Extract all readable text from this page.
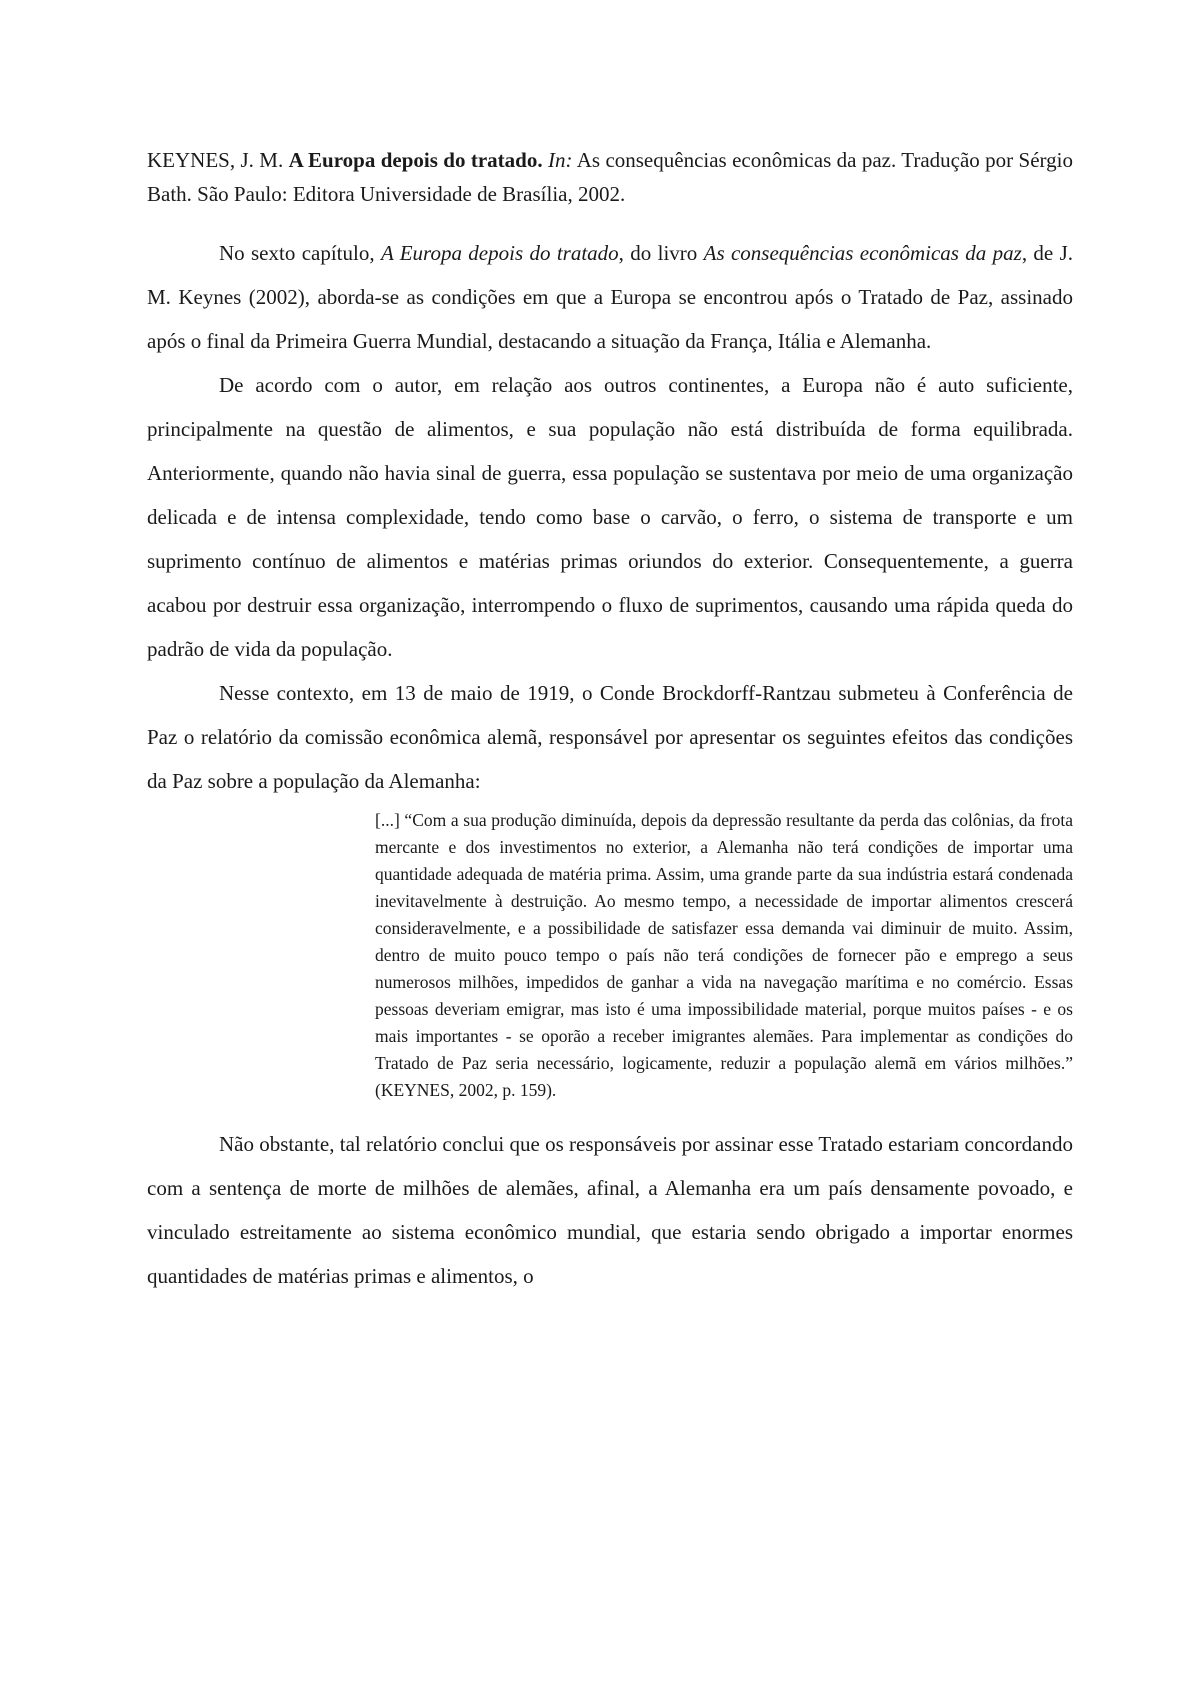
KEYNES, J. M. A Europa depois do tratado. In: As consequências econômicas da paz. Tradução por Sérgio Bath. São Paulo: Editora Universidade de Brasília, 2002.

No sexto capítulo, A Europa depois do tratado, do livro As consequências econômicas da paz, de J. M. Keynes (2002), aborda-se as condições em que a Europa se encontrou após o Tratado de Paz, assinado após o final da Primeira Guerra Mundial, destacando a situação da França, Itália e Alemanha.

De acordo com o autor, em relação aos outros continentes, a Europa não é auto suficiente, principalmente na questão de alimentos, e sua população não está distribuída de forma equilibrada. Anteriormente, quando não havia sinal de guerra, essa população se sustentava por meio de uma organização delicada e de intensa complexidade, tendo como base o carvão, o ferro, o sistema de transporte e um suprimento contínuo de alimentos e matérias primas oriundos do exterior. Consequentemente, a guerra acabou por destruir essa organização, interrompendo o fluxo de suprimentos, causando uma rápida queda do padrão de vida da população.

Nesse contexto, em 13 de maio de 1919, o Conde Brockdorff-Rantzau submeteu à Conferência de Paz o relatório da comissão econômica alemã, responsável por apresentar os seguintes efeitos das condições da Paz sobre a população da Alemanha:

[...] “Com a sua produção diminuída, depois da depressão resultante da perda das colônias, da frota mercante e dos investimentos no exterior, a Alemanha não terá condições de importar uma quantidade adequada de matéria prima. Assim, uma grande parte da sua indústria estará condenada inevitavelmente à destruição. Ao mesmo tempo, a necessidade de importar alimentos crescerá consideravelmente, e a possibilidade de satisfazer essa demanda vai diminuir de muito. Assim, dentro de muito pouco tempo o país não terá condições de fornecer pão e emprego a seus numerosos milhões, impedidos de ganhar a vida na navegação marítima e no comércio. Essas pessoas deveriam emigrar, mas isto é uma impossibilidade material, porque muitos países - e os mais importantes - se oporão a receber imigrantes alemães. Para implementar as condições do Tratado de Paz seria necessário, logicamente, reduzir a população alemã em vários milhões.” (KEYNES, 2002, p. 159).

Não obstante, tal relatório conclui que os responsáveis por assinar esse Tratado estariam concordando com a sentença de morte de milhões de alemães, afinal, a Alemanha era um país densamente povoado, e vinculado estreitamente ao sistema econômico mundial, que estaria sendo obrigado a importar enormes quantidades de matérias primas e alimentos, o
